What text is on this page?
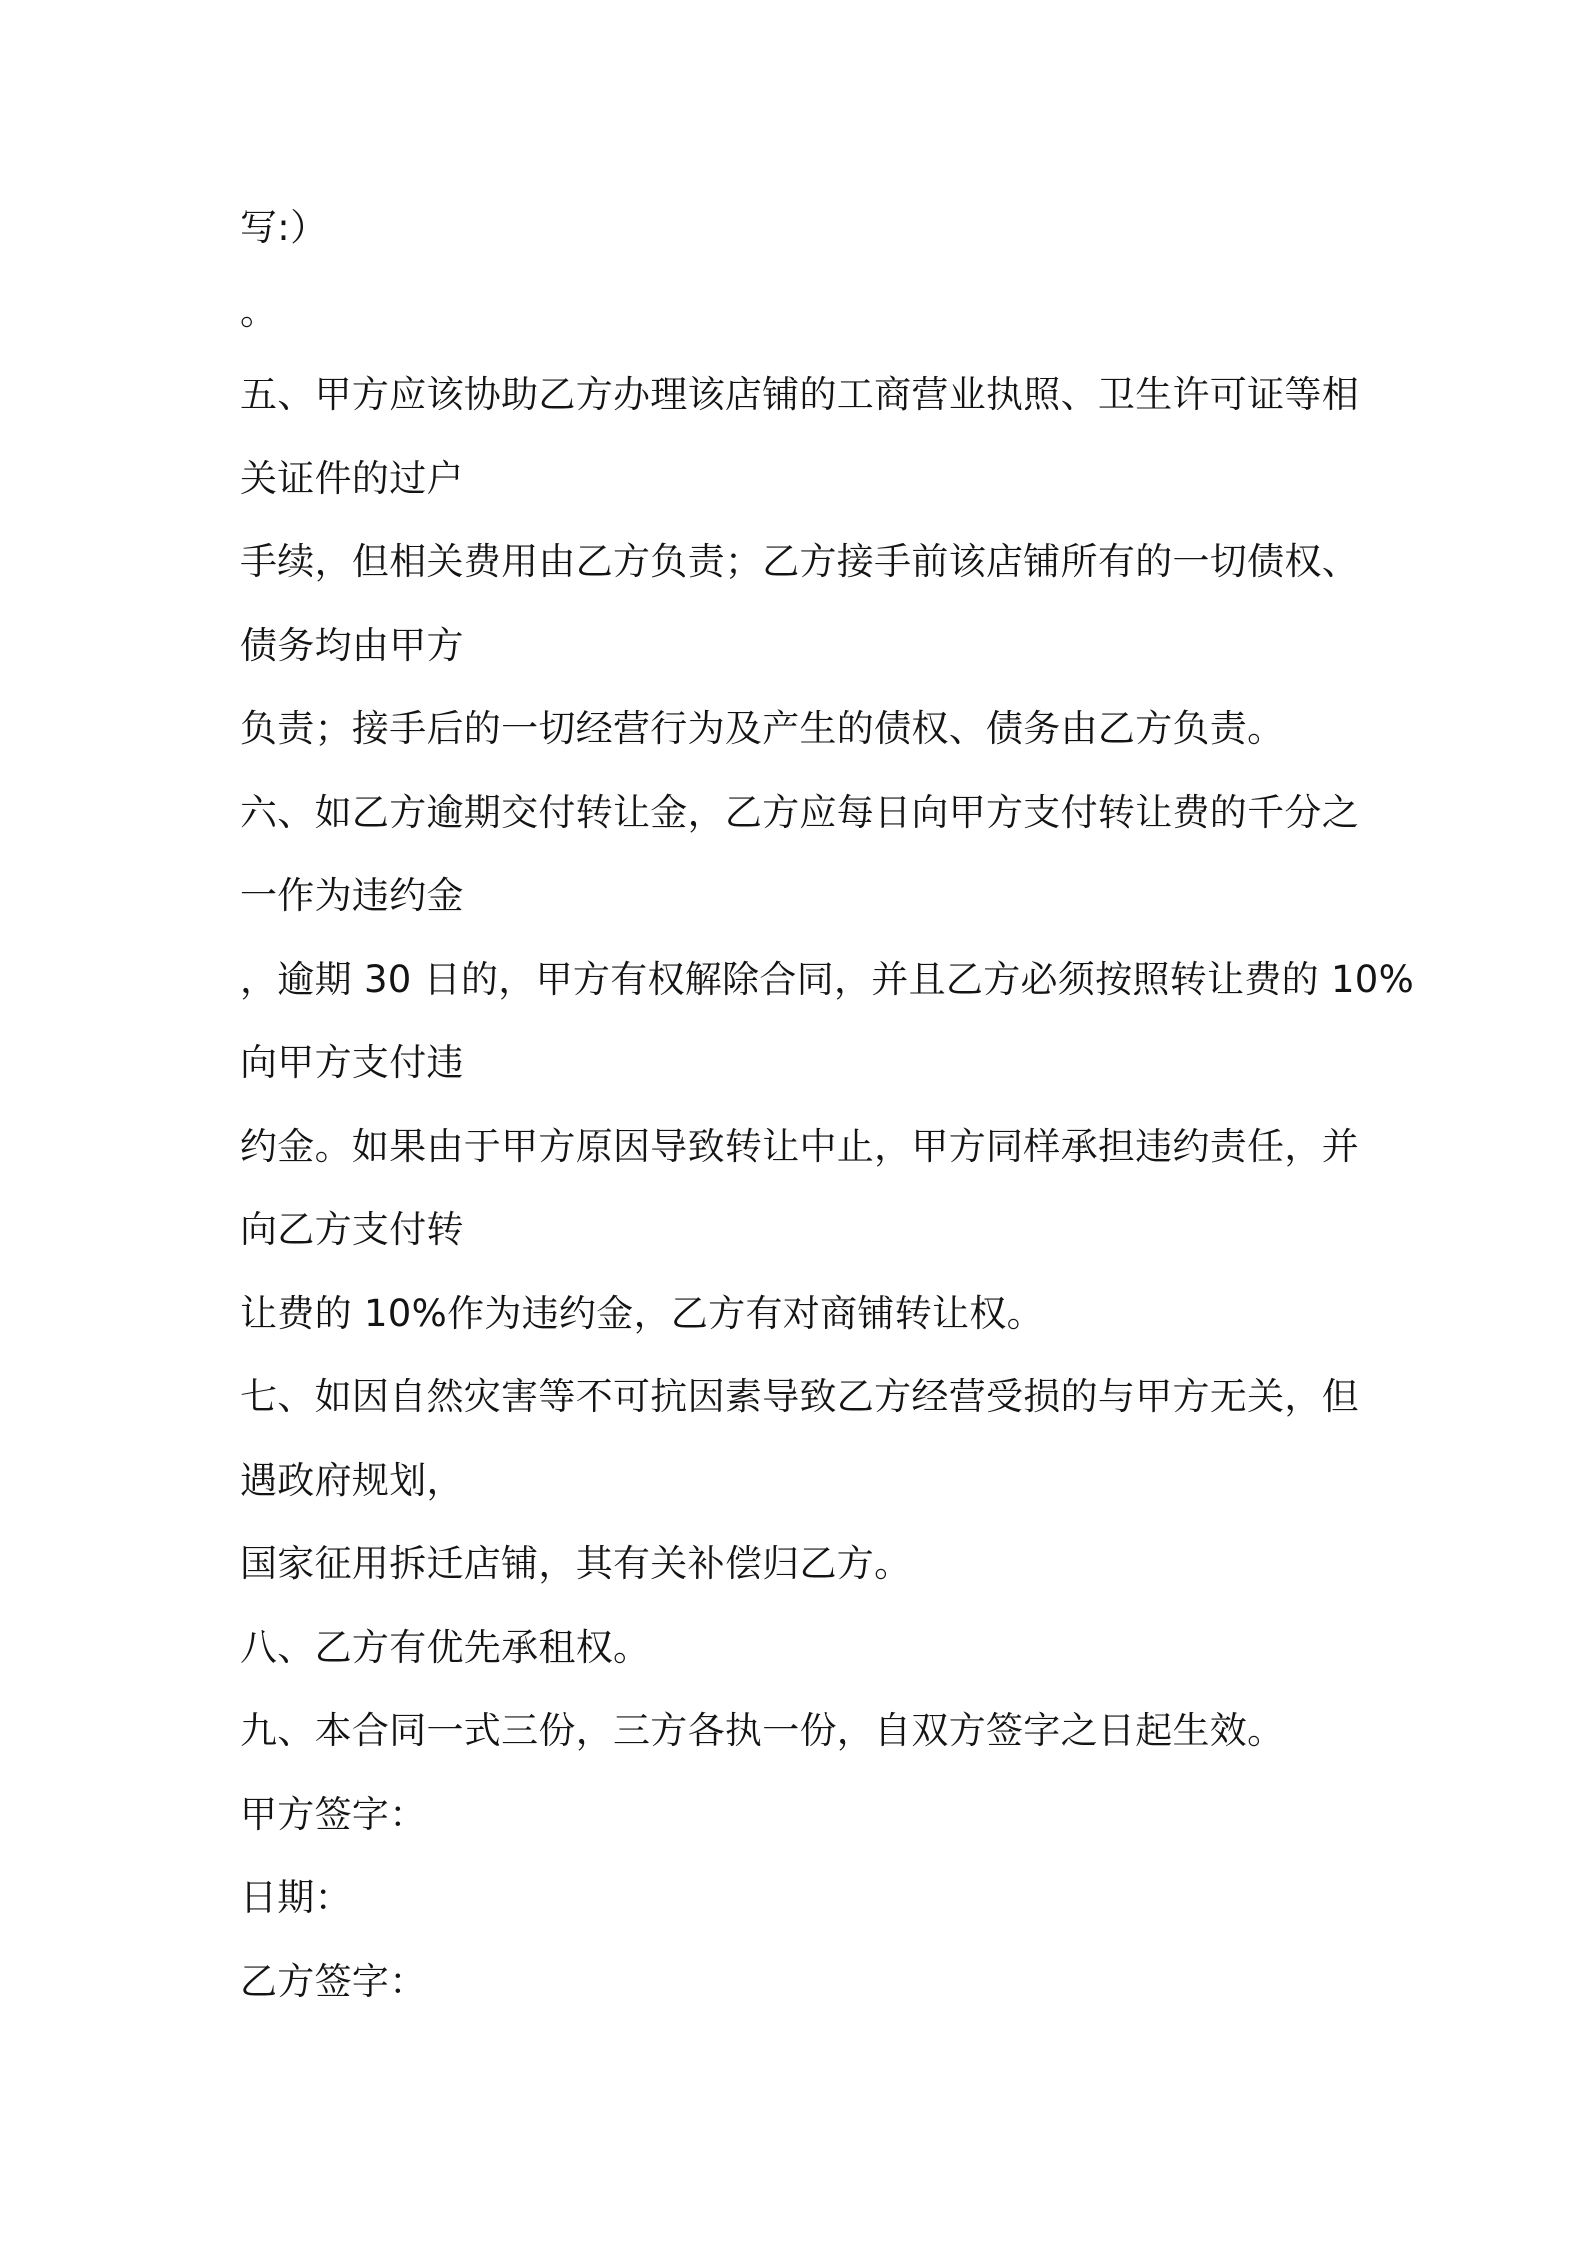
写:）
。
五、甲方应该协助乙方办理该店铺的工商营业执照、卫生许可证等相
关证件的过户
手续，但相关费用由乙方负责；乙方接手前该店铺所有的一切债权、
债务均由甲方
负责；接手后的一切经营行为及产生的债权、债务由乙方负责。
六、如乙方逾期交付转让金，乙方应每日向甲方支付转让费的千分之
一作为违约金
，逾期 30 日的，甲方有权解除合同，并且乙方必须按照转让费的 10%
向甲方支付违
约金。如果由于甲方原因导致转让中止，甲方同样承担违约责任，并
向乙方支付转
让费的 10%作为违约金，乙方有对商铺转让权。
七、如因自然灾害等不可抗因素导致乙方经营受损的与甲方无关，但
遇政府规划，
国家征用拆迁店铺，其有关补偿归乙方。
八、乙方有优先承租权。
九、本合同一式三份，三方各执一份，自双方签字之日起生效。
甲方签字：
日期：
乙方签字：
